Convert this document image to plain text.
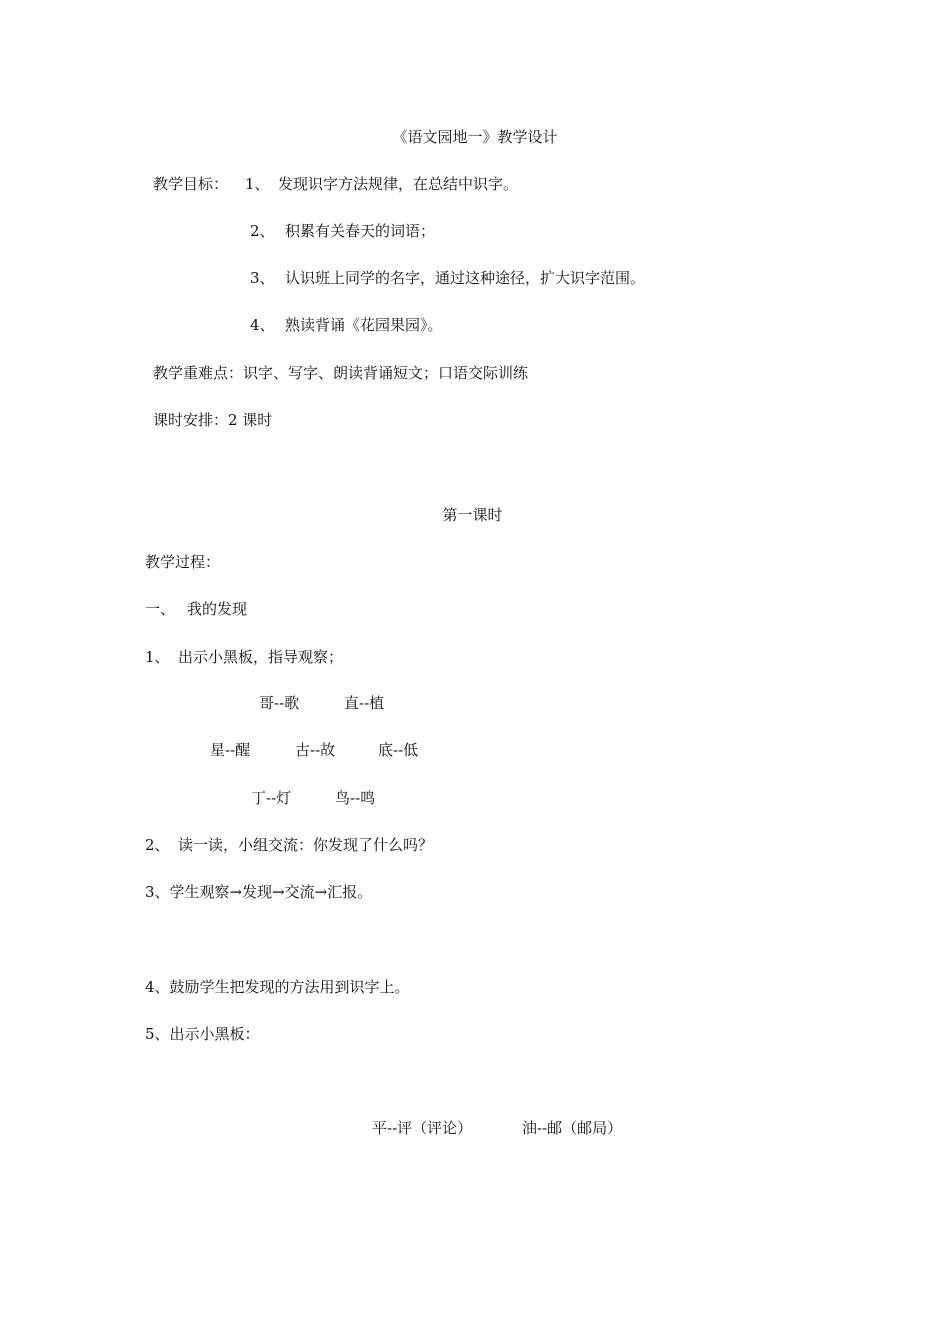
《语文园地一》教学设计
教学目标： 1、 发现识字方法规律，在总结中识字。
2、 积累有关春天的词语；
3、 认识班上同学的名字，通过这种途径，扩大识字范围。
4、 熟读背诵《花园果园》。
教学重难点：识字、写字、朗读背诵短文；口语交际训练
课时安排：2 课时
第一课时
教学过程：
一、 我的发现
1、 出示小黑板，指导观察；
哥--歌	直--植
星--醒	古--故	底--低
丁--灯	鸟--鸣
2、 读一读，小组交流：你发现了什么吗？
3、学生观察→发现→交流→汇报。
4、鼓励学生把发现的方法用到识字上。
5、出示小黑板：
平--评（评论）	油--邮（邮局）
